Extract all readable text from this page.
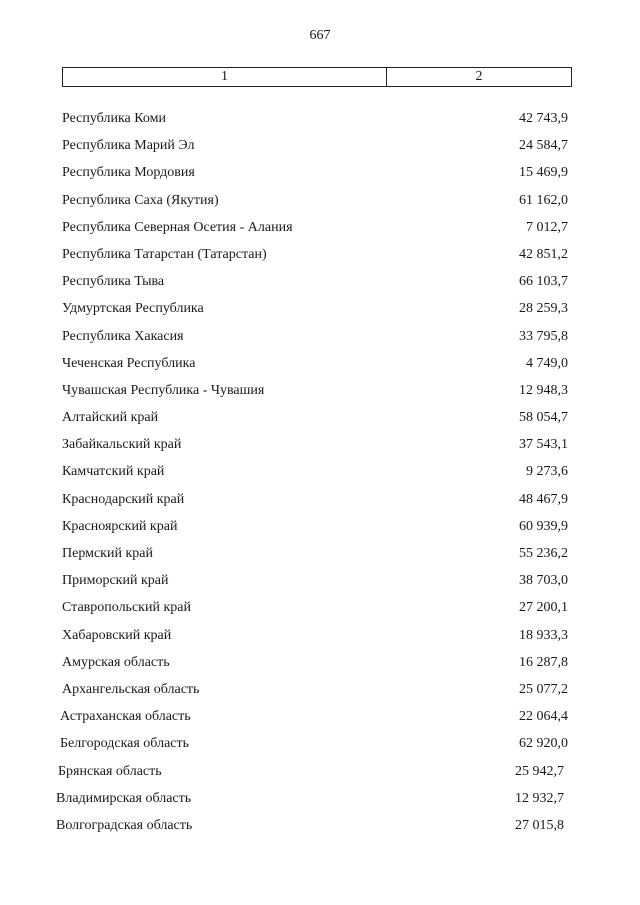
667
1	2
Республика Коми	42 743,9
Республика Марий Эл	24 584,7
Республика Мордовия	15 469,9
Республика Саха (Якутия)	61 162,0
Республика Северная Осетия - Алания	7 012,7
Республика Татарстан (Татарстан)	42 851,2
Республика Тыва	66 103,7
Удмуртская Республика	28 259,3
Республика Хакасия	33 795,8
Чеченская Республика	4 749,0
Чувашская Республика - Чувашия	12 948,3
Алтайский край	58 054,7
Забайкальский край	37 543,1
Камчатский край	9 273,6
Краснодарский край	48 467,9
Красноярский край	60 939,9
Пермский край	55 236,2
Приморский край	38 703,0
Ставропольский край	27 200,1
Хабаровский край	18 933,3
Амурская область	16 287,8
Архангельская область	25 077,2
Астраханская область	22 064,4
Белгородская область	62 920,0
Брянская область	25 942,7
Владимирская область	12 932,7
Волгоградская область	27 015,8
